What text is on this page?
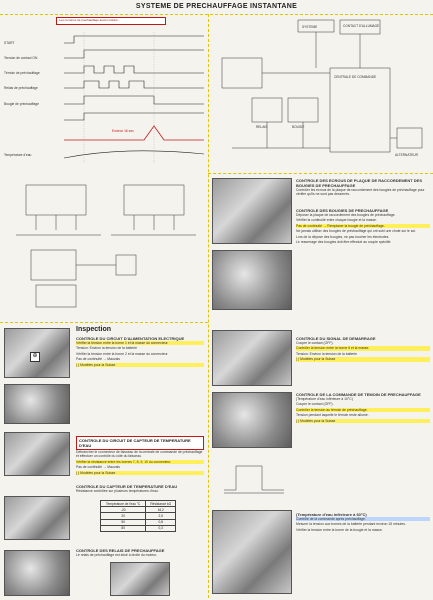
SYSTEME DE PRECHAUFFAGE INSTANTANE
Les numéros de prechauffage aucun instant...
START
Tension de contact ON
Témoin de préchauffage
Relais de préchauffage
Bougie de préchauffage
Température d'eau
Environ 16 sec
Inspection
⊕
CONTROLE DU CIRCUIT D'ALIMENTATION ELECTRIQUE

Vérifier la tension entre la borne 1 et la masse du connecteur.

Tension: Environ la tension de la batterie

Vérifier la tension entre la borne 2 et la masse du connecteur

Pas de continuité → Mauvais

( ) Modèles pour la Suisse

CONTROLE DU CIRCUIT DE CAPTEUR DE TEMPERATURE D'EAU

Débrancher le connecteur de faisceau de la centrale de commande de préchauffage et effectuer un contrôle du côté du faisceau.

Vérifier la résistance entre les bornes 7, 8, 9, 10 du connecteur.

Pas de continuité → Mauvais

( ) Modèles pour la Suisse

CONTROLE DU CAPTEUR DE TEMPERATURE D'EAU

Résistance contrôlée sur plusieurs températures d'eau.

Température de l'eau °C	Résistance kΩ
-20	16,2
20	2,5
50	0,8
80	0,3
CONTROLE DES RELAIS DE PRECHAUFFAGE

Le relais de préchauffage est situé à droite du moteur.

SYSTEME	CONTACT D'ALLUMAGE
CENTRALE DE COMMANDE
RELAIS	BOUGIE
ALTERNATEUR
CONTROLE DES ECROUS DE PLAQUE DE RACCORDEMENT DES BOUGIES DE PRECHAUFFAGE

Contrôler les écrous de la plaque de raccordement des bougies de préchauffage pour vérifier qu'ils ne sont pas desserrés.

CONTROLE DES BOUGIES DE PRECHAUFFAGE

Déposer la plaque de raccordement des bougies de préchauffage.

Vérifier la continuité entre chaque bougie et la masse.

Pas de continuité → Remplacer la bougie de préchauffage.

Ne jamais utiliser des bougies de préchauffage qui ont subi une chute sur le sol.

Lors de la dépose des bougies, ne pas toucher les électrodes.

Le resserrage des bougies doit être effectué au couple spécifié.

CONTROLE DU SIGNAL DE DEMARRAGE

Couper le contact (OFF).

Contrôler la tension entre la borne 6 et la masse.

Tension: Environ la tension de la batterie

( ) Modèles pour la Suisse

CONTROLE DE LA COMMANDE DE TEMOIN DE PRECHAUFFAGE

(Température d'eau inférieure à 10°C)

Couper le contact (OFF).

Contrôler la tension au témoin de préchauffage.

Tension pendant laquelle le témoin reste allumé.

( ) Modèles pour la Suisse

(Température d'eau inférieure à 60°C)

Contrôle de la commande après préchauffage.

Mesurer la tension aux bornes de la batterie pendant environ 15 minutes.

Vérifier la tension entre la borne de la bougie et la masse.
